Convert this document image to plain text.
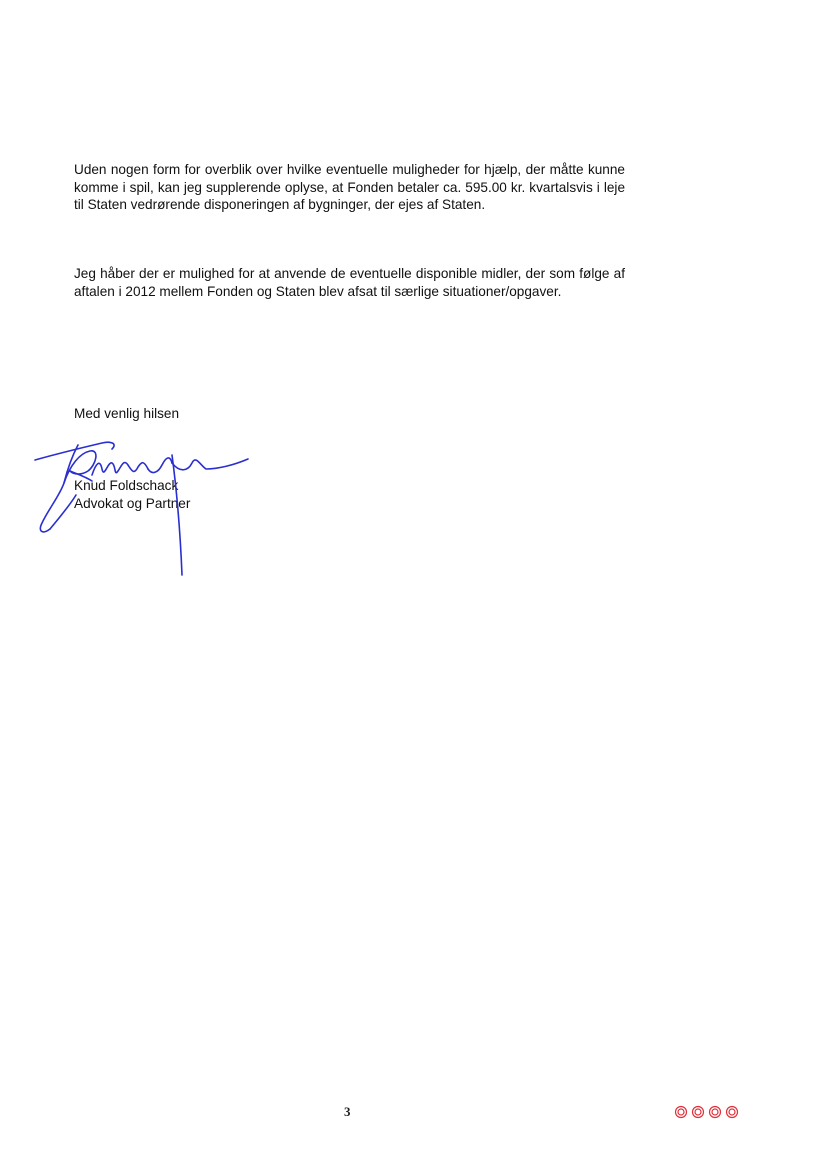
Uden nogen form for overblik over hvilke eventuelle muligheder for hjælp, der måtte kunne komme i spil, kan jeg supplerende oplyse, at Fonden betaler ca. 595.00 kr. kvartalsvis i leje til Staten vedrørende disponeringen af bygninger, der ejes af Staten.

Jeg håber der er mulighed for at anvende de eventuelle disponible midler, der som følge af aftalen i 2012 mellem Fonden og Staten blev afsat til særlige situationer/opgaver.

Med venlig hilsen

Knud Foldschack
Advokat og Partner
3
